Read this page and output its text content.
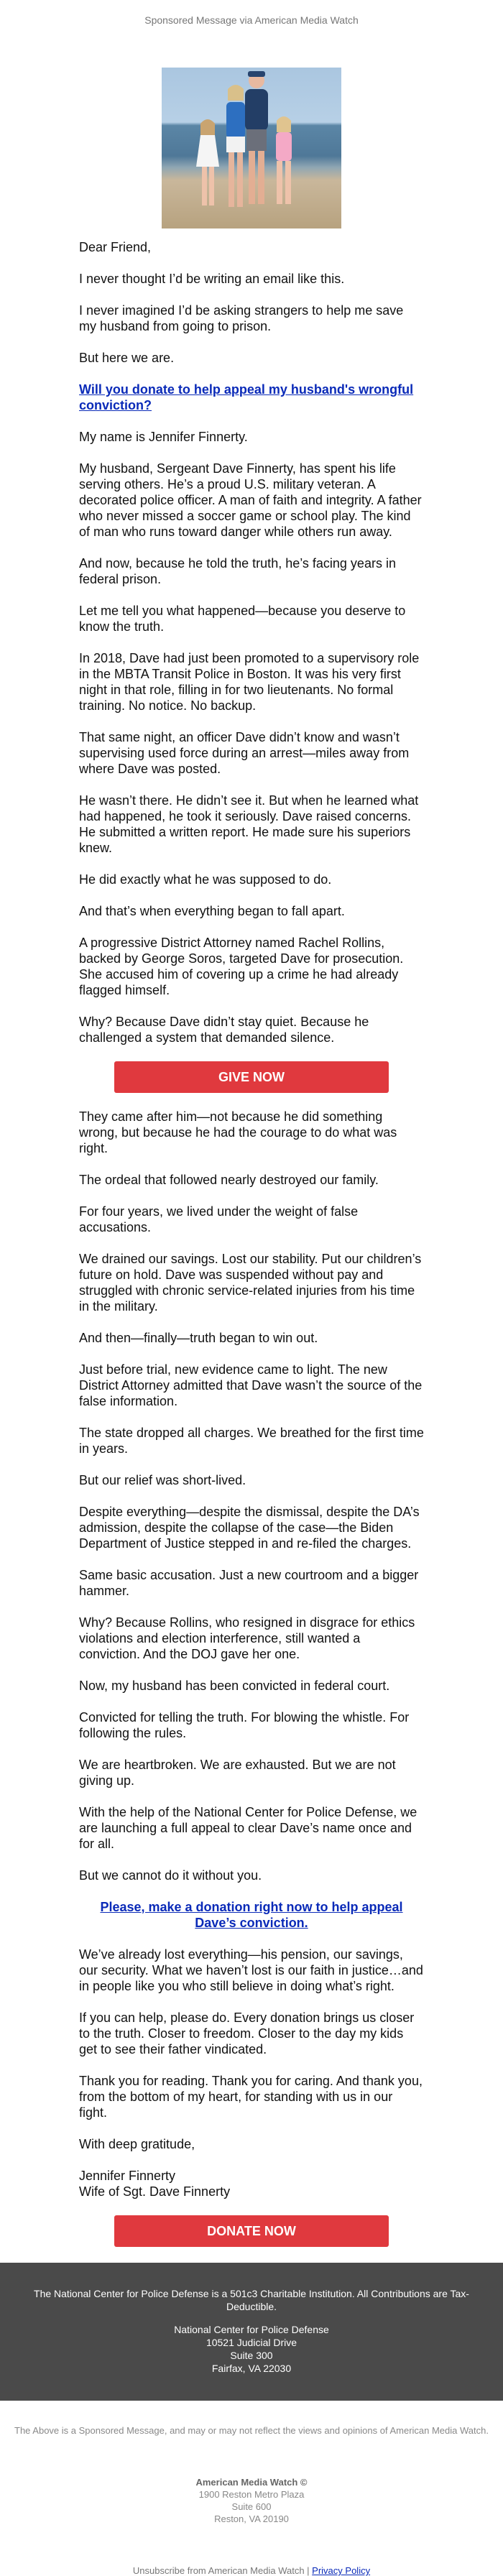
Sponsored Message via American Media Watch

Dear Friend,

I never thought I’d be writing an email like this.

I never imagined I’d be asking strangers to help me save my husband from going to prison.

But here we are.

Will you donate to help appeal my husband's wrongful conviction?

My name is Jennifer Finnerty.

My husband, Sergeant Dave Finnerty, has spent his life serving others. He’s a proud U.S. military veteran. A decorated police officer. A man of faith and integrity. A father who never missed a soccer game or school play. The kind of man who runs toward danger while others run away.

And now, because he told the truth, he’s facing years in federal prison.

Let me tell you what happened—because you deserve to know the truth.

In 2018, Dave had just been promoted to a supervisory role in the MBTA Transit Police in Boston. It was his very first night in that role, filling in for two lieutenants. No formal training. No notice. No backup.

That same night, an officer Dave didn’t know and wasn’t supervising used force during an arrest—miles away from where Dave was posted.

He wasn’t there. He didn’t see it. But when he learned what had happened, he took it seriously. Dave raised concerns. He submitted a written report. He made sure his superiors knew.

He did exactly what he was supposed to do.

And that’s when everything began to fall apart.

A progressive District Attorney named Rachel Rollins, backed by George Soros, targeted Dave for prosecution. She accused him of covering up a crime he had already flagged himself.

Why? Because Dave didn’t stay quiet. Because he challenged a system that demanded silence.

GIVE NOW

They came after him—not because he did something wrong, but because he had the courage to do what was right.

The ordeal that followed nearly destroyed our family.

For four years, we lived under the weight of false accusations.

We drained our savings. Lost our stability. Put our children’s future on hold. Dave was suspended without pay and struggled with chronic service-related injuries from his time in the military.

And then—finally—truth began to win out.

Just before trial, new evidence came to light. The new District Attorney admitted that Dave wasn’t the source of the false information.

The state dropped all charges. We breathed for the first time in years.

But our relief was short-lived.

Despite everything—despite the dismissal, despite the DA’s admission, despite the collapse of the case—the Biden Department of Justice stepped in and re-filed the charges.

Same basic accusation. Just a new courtroom and a bigger hammer.

Why? Because Rollins, who resigned in disgrace for ethics violations and election interference, still wanted a conviction. And the DOJ gave her one.

Now, my husband has been convicted in federal court.

Convicted for telling the truth. For blowing the whistle. For following the rules.

We are heartbroken. We are exhausted. But we are not giving up.

With the help of the National Center for Police Defense, we are launching a full appeal to clear Dave’s name once and for all.

But we cannot do it without you.

Please, make a donation right now to help appeal Dave’s conviction.

We’ve already lost everything—his pension, our savings, our security. What we haven’t lost is our faith in justice…and in people like you who still believe in doing what’s right.

If you can help, please do. Every donation brings us closer to the truth. Closer to freedom. Closer to the day my kids get to see their father vindicated.

Thank you for reading. Thank you for caring. And thank you, from the bottom of my heart, for standing with us in our fight.

With deep gratitude,

Jennifer Finnerty
Wife of Sgt. Dave Finnerty

DONATE NOW

The National Center for Police Defense is a 501c3 Charitable Institution. All Contributions are Tax-Deductible.

National Center for Police Defense
10521 Judicial Drive
Suite 300
Fairfax, VA 22030
The Above is a Sponsored Message, and may or may not reflect the views and opinions of American Media Watch.
American Media Watch ©
1900 Reston Metro Plaza
Suite 600
Reston, VA 20190
Unsubscribe from American Media Watch | Privacy Policy
